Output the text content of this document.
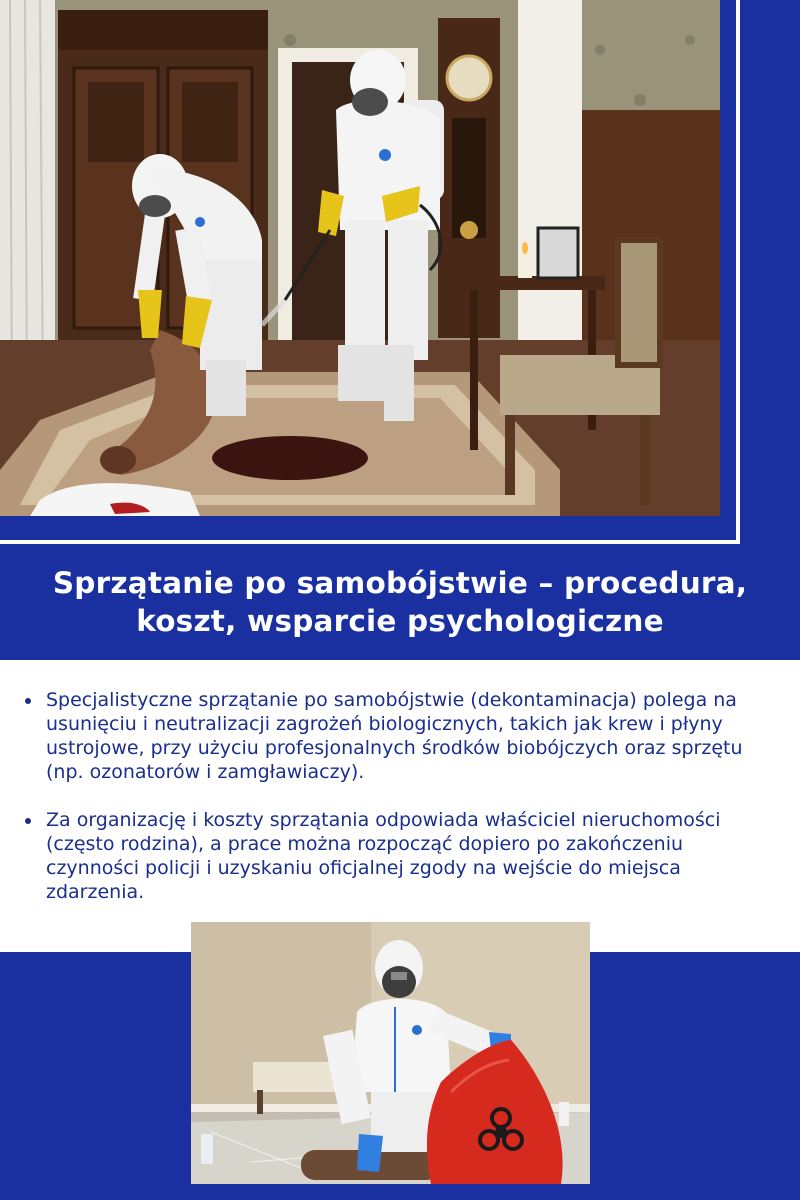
Sprzątanie po samobójstwie – procedura, koszt, wsparcie psychologiczne
Specjalistyczne sprzątanie po samobójstwie (dekontaminacja) polega na usunięciu i neutralizacji zagrożeń biologicznych, takich jak krew i płyny ustrojowe, przy użyciu profesjonalnych środków biobójczych oraz sprzętu (np. ozonatorów i zamgławiaczy).
Za organizację i koszty sprzątania odpowiada właściciel nieruchomości (często rodzina), a prace można rozpocząć dopiero po zakończeniu czynności policji i uzyskaniu oficjalnej zgody na wejście do miejsca zdarzenia.
